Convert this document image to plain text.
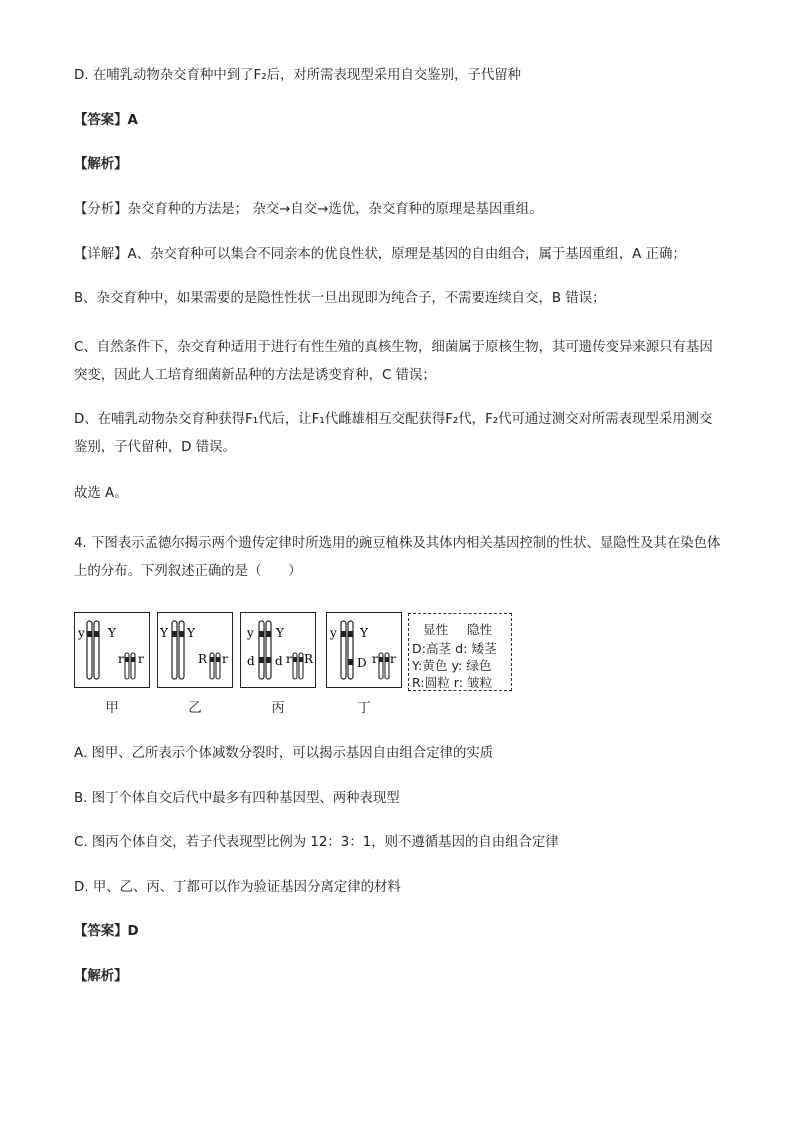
D. 在哺乳动物杂交育种中到了F₂后，对所需表现型采用自交鉴别，子代留种
【答案】A
【解析】
【分析】杂交育种的方法是； 杂交→自交→选优，杂交育种的原理是基因重组。
【详解】A、杂交育种可以集合不同亲本的优良性状，原理是基因的自由组合，属于基因重组，A 正确；
B、杂交育种中，如果需要的是隐性性状一旦出现即为纯合子，不需要连续自交，B 错误；
C、自然条件下，杂交育种适用于进行有性生殖的真核生物，细菌属于原核生物，其可遗传变异来源只有基因突变，因此人工培育细菌新品种的方法是诱变育种，C 错误；
D、在哺乳动物杂交育种获得F₁代后，让F₁代雌雄相互交配获得F₂代，F₂代可通过测交对所需表现型采用测交鉴别，子代留种，D 错误。
故选 A。
4. 下图表示孟德尔揭示两个遗传定律时所选用的豌豆植株及其体内相关基因控制的性状、显隐性及其在染色体上的分布。下列叙述正确的是（　　）
y Y
r r
Y Y
R r
y
d
Y
d r R
y Y
D r r
甲	乙	丙	丁
显性 隐性
D:高茎 d: 矮茎
Y:黄色 y: 绿色
R:圆粒 r: 皱粒
A. 图甲、乙所表示个体减数分裂时，可以揭示基因自由组合定律的实质
B. 图丁个体自交后代中最多有四种基因型、两种表现型
C. 图丙个体自交，若子代表现型比例为 12：3：1，则不遵循基因的自由组合定律
D. 甲、乙、丙、丁都可以作为验证基因分离定律的材料
【答案】D
【解析】
